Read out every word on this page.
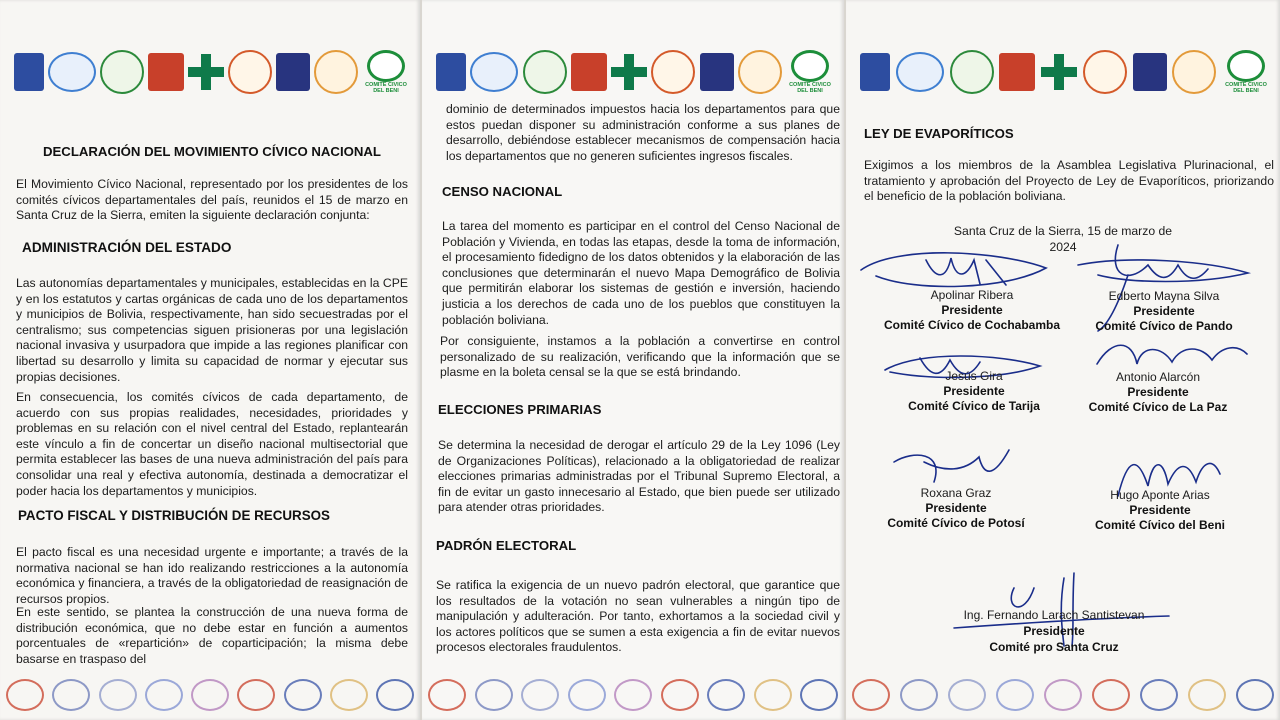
COMITE CIVICO
DEL BENI

DECLARACIÓN DEL MOVIMIENTO CÍVICO NACIONAL

El Movimiento Cívico Nacional, representado por los presidentes de los comités cívicos departamentales del país, reunidos el 15 de marzo en Santa Cruz de la Sierra, emiten la siguiente declaración conjunta:

ADMINISTRACIÓN DEL ESTADO

Las autonomías departamentales y municipales, establecidas en la CPE y en los estatutos y cartas orgánicas de cada uno de los departamentos y municipios de Bolivia, respectivamente, han sido secuestradas por el centralismo; sus competencias siguen prisioneras por una legislación nacional invasiva y usurpadora que impide a las regiones planificar con libertad su desarrollo y limita su capacidad de normar y ejecutar sus propias decisiones.

En consecuencia, los comités cívicos de cada departamento, de acuerdo con sus propias realidades, necesidades, prioridades y problemas en su relación con el nivel central del Estado, replantearán este vínculo a fin de concertar un diseño nacional multisectorial que permita establecer las bases de una nueva administración del país para consolidar una real y efectiva autonomía, destinada a democratizar el poder hacia los departamentos y municipios.

PACTO FISCAL Y DISTRIBUCIÓN DE RECURSOS

El pacto fiscal es una necesidad urgente e importante; a través de la normativa nacional se han ido realizando restricciones a la autonomía económica y financiera, a través de la obligatoriedad de reasignación de recursos propios.

En este sentido, se plantea la construcción de una nueva forma de distribución económica, que no debe estar en función a aumentos porcentuales de «repartición» de coparticipación; la misma debe basarse en traspaso del

COMITE CIVICO
DEL BENI

dominio de determinados impuestos hacia los departamentos para que estos puedan disponer su administración conforme a sus planes de desarrollo, debiéndose establecer mecanismos de compensación hacia los departamentos que no generen suficientes ingresos fiscales.

CENSO NACIONAL

La tarea del momento es participar en el control del Censo Nacional de Población y Vivienda, en todas las etapas, desde la toma de información, el procesamiento fidedigno de los datos obtenidos y la elaboración de las conclusiones que determinarán el nuevo Mapa Demográfico de Bolivia que permitirán elaborar los sistemas de gestión e inversión, haciendo justicia a los derechos de cada uno de los pueblos que constituyen la población boliviana.

Por consiguiente, instamos a la población a convertirse en control personalizado de su realización, verificando que la información que se plasme en la boleta censal se la que se está brindando.

ELECCIONES PRIMARIAS

Se determina la necesidad de derogar el artículo 29 de la Ley 1096 (Ley de Organizaciones Políticas), relacionado a la obligatoriedad de realizar elecciones primarias administradas por el Tribunal Supremo Electoral, a fin de evitar un gasto innecesario al Estado, que bien puede ser utilizado para atender otras prioridades.

PADRÓN ELECTORAL

Se ratifica la exigencia de un nuevo padrón electoral, que garantice que los resultados de la votación no sean vulnerables a ningún tipo de manipulación y adulteración. Por tanto, exhortamos a la sociedad civil y los actores políticos que se sumen a esta exigencia a fin de evitar nuevos procesos electorales fraudulentos.

COMITE CIVICO
DEL BENI

LEY DE EVAPORÍTICOS

Exigimos a los miembros de la Asamblea Legislativa Plurinacional, el tratamiento y aprobación del Proyecto de Ley de Evaporíticos, priorizando el beneficio de la población boliviana.

Santa Cruz de la Sierra, 15 de marzo de 2024

Apolinar Ribera
Presidente
Comité Cívico de Cochabamba
Edberto Mayna Silva
Presidente
Comité Cívico de Pando
Jesús Gira
Presidente
Comité Cívico de Tarija
Antonio Alarcón
Presidente
Comité Cívico de La Paz
Roxana Graz
Presidente
Comité Cívico de Potosí
Hugo Aponte Arias
Presidente
Comité Cívico del Beni
Ing. Fernando Larach Santistevan
Presidente
Comité pro Santa Cruz
